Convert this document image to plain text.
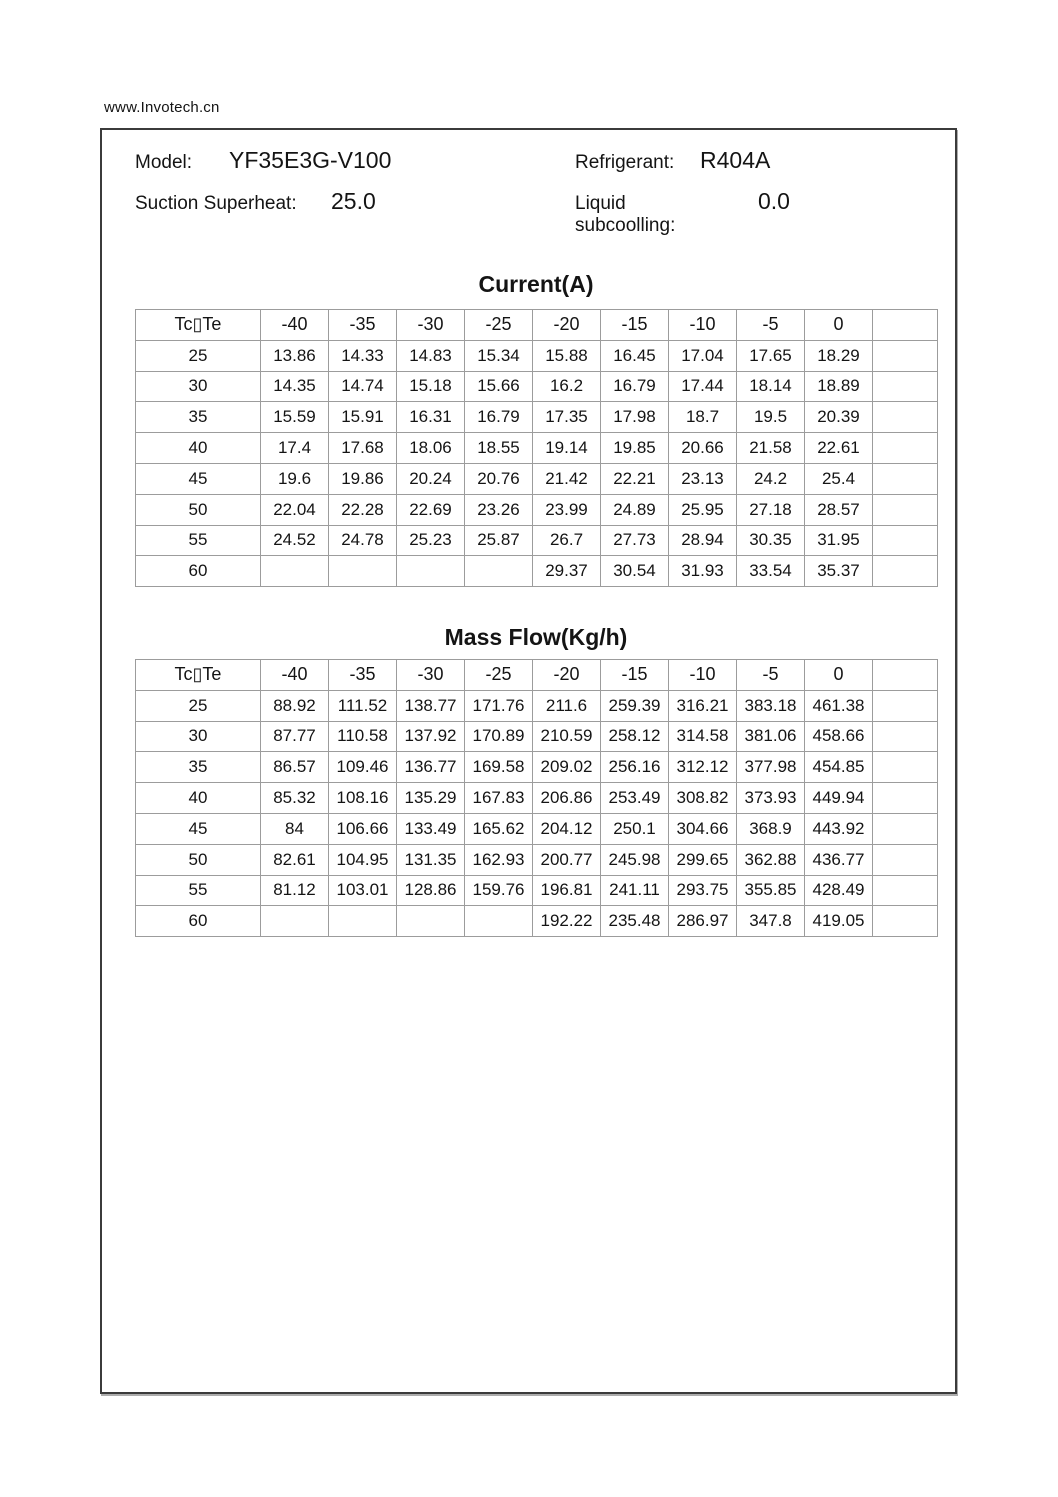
www.Invotech.cn
Model: YF35E3G-V100	Refrigerant: R404A
Suction Superheat: 25.0	Liquid subcoolling:
0.0
Current(A)
Tc▯Te	-40	-35	-30	-25	-20	-15	-10	-5	0	
25	13.86	14.33	14.83	15.34	15.88	16.45	17.04	17.65	18.29	
30	14.35	14.74	15.18	15.66	16.2	16.79	17.44	18.14	18.89	
35	15.59	15.91	16.31	16.79	17.35	17.98	18.7	19.5	20.39	
40	17.4	17.68	18.06	18.55	19.14	19.85	20.66	21.58	22.61	
45	19.6	19.86	20.24	20.76	21.42	22.21	23.13	24.2	25.4	
50	22.04	22.28	22.69	23.26	23.99	24.89	25.95	27.18	28.57	
55	24.52	24.78	25.23	25.87	26.7	27.73	28.94	30.35	31.95	
60					29.37	30.54	31.93	33.54	35.37	
Mass Flow(Kg/h)
Tc▯Te	-40	-35	-30	-25	-20	-15	-10	-5	0	
25	88.92	111.52	138.77	171.76	211.6	259.39	316.21	383.18	461.38	
30	87.77	110.58	137.92	170.89	210.59	258.12	314.58	381.06	458.66	
35	86.57	109.46	136.77	169.58	209.02	256.16	312.12	377.98	454.85	
40	85.32	108.16	135.29	167.83	206.86	253.49	308.82	373.93	449.94	
45	84	106.66	133.49	165.62	204.12	250.1	304.66	368.9	443.92	
50	82.61	104.95	131.35	162.93	200.77	245.98	299.65	362.88	436.77	
55	81.12	103.01	128.86	159.76	196.81	241.11	293.75	355.85	428.49	
60					192.22	235.48	286.97	347.8	419.05	
